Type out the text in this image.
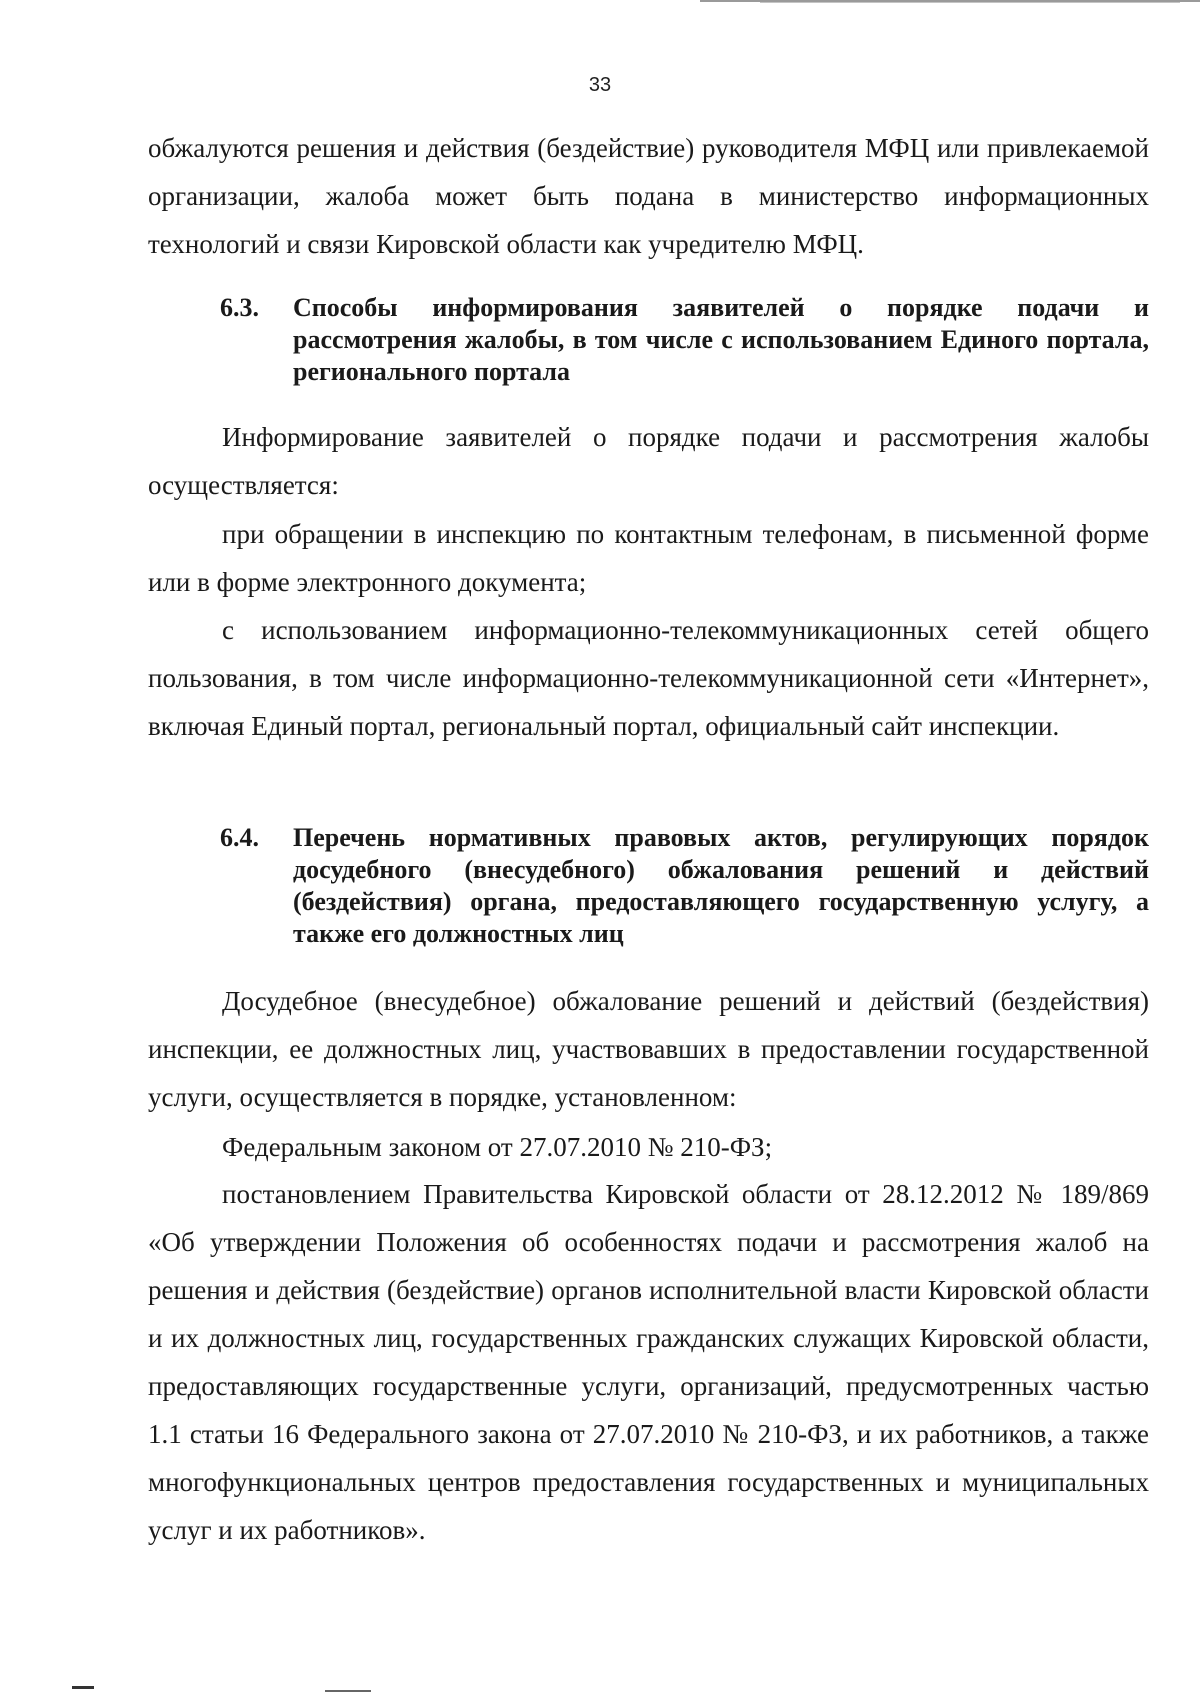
33

обжалуются решения и действия (бездействие) руководителя МФЦ или привлекаемой организации, жалоба может быть подана в министерство информационных технологий и связи Кировской области как учредителю МФЦ.

6.3. Способы информирования заявителей о порядке подачи и рассмотрения жалобы, в том числе с использованием Единого портала, регионального портала

Информирование заявителей о порядке подачи и рассмотрения жалобы осуществляется:

при обращении в инспекцию по контактным телефонам, в письменной форме или в форме электронного документа;

с использованием информационно-телекоммуникационных сетей общего пользования, в том числе информационно-телекоммуникационной сети «Интернет», включая Единый портал, региональный портал, официальный сайт инспекции.

6.4. Перечень нормативных правовых актов, регулирующих порядок досудебного (внесудебного) обжалования решений и действий (бездействия) органа, предоставляющего государственную услугу, а также его должностных лиц

Досудебное (внесудебное) обжалование решений и действий (бездействия) инспекции, ее должностных лиц, участвовавших в предоставлении государственной услуги, осуществляется в порядке, установленном:

Федеральным законом от 27.07.2010 № 210-ФЗ;

постановлением Правительства Кировской области от 28.12.2012 № 189/869 «Об утверждении Положения об особенностях подачи и рассмотрения жалоб на решения и действия (бездействие) органов исполнительной власти Кировской области и их должностных лиц, государственных гражданских служащих Кировской области, предоставляющих государственные услуги, организаций, предусмотренных частью 1.1 статьи 16 Федерального закона от 27.07.2010 № 210-ФЗ, и их работников, а также многофункциональных центров предоставления государственных и муниципальных услуг и их работников».
